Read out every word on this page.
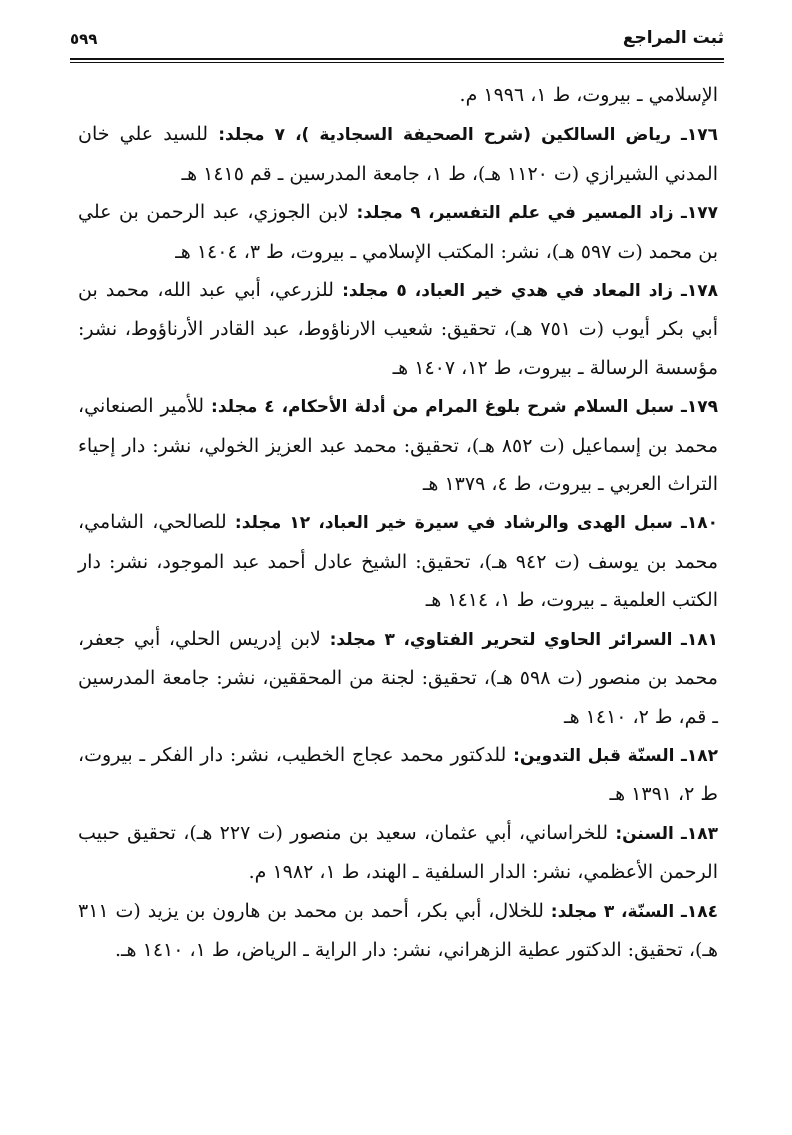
ثبت المراجع
٥٩٩

الإسلامي ـ بيروت، ط ١، ١٩٩٦ م.

١٧٦ـ رياض السالكين (شرح الصحيفة السجادية )، ٧ مجلد: للسيد علي خان المدني الشيرازي (ت ١١٢٠ هـ)، ط ١، جامعة المدرسين ـ قم ١٤١٥ هـ

١٧٧ـ زاد المسير في علم التفسير، ٩ مجلد: لابن الجوزي، عبد الرحمن بن علي بن محمد (ت ٥٩٧ هـ)، نشر: المكتب الإسلامي ـ بيروت، ط ٣، ١٤٠٤ هـ

١٧٨ـ زاد المعاد في هدي خير العباد، ٥ مجلد: للزرعي، أبي عبد الله، محمد بن أبي بكر أيوب (ت ٧٥١ هـ)، تحقيق: شعيب الارناؤوط، عبد القادر الأرناؤوط، نشر: مؤسسة الرسالة ـ بيروت، ط ١٢، ١٤٠٧ هـ

١٧٩ـ سبل السلام شرح بلوغ المرام من أدلة الأحكام، ٤ مجلد: للأمير الصنعاني، محمد بن إسماعيل (ت ٨٥٢ هـ)، تحقيق: محمد عبد العزيز الخولي، نشر: دار إحياء التراث العربي ـ بيروت، ط ٤، ١٣٧٩ هـ

١٨٠ـ سبل الهدى والرشاد في سيرة خير العباد، ١٢ مجلد: للصالحي، الشامي، محمد بن يوسف (ت ٩٤٢ هـ)، تحقيق: الشيخ عادل أحمد عبد الموجود، نشر: دار الكتب العلمية ـ بيروت، ط ١، ١٤١٤ هـ

١٨١ـ السرائر الحاوي لتحرير الفتاوي، ٣ مجلد: لابن إدريس الحلي، أبي جعفر، محمد بن منصور (ت ٥٩٨ هـ)، تحقيق: لجنة من المحققين، نشر: جامعة المدرسين ـ قم، ط ٢، ١٤١٠ هـ

١٨٢ـ السنّة قبل التدوين: للدكتور محمد عجاج الخطيب، نشر: دار الفكر ـ بيروت، ط ٢، ١٣٩١ هـ

١٨٣ـ السنن: للخراساني، أبي عثمان، سعيد بن منصور (ت ٢٢٧ هـ)، تحقيق حبيب الرحمن الأعظمي، نشر: الدار السلفية ـ الهند، ط ١، ١٩٨٢ م.

١٨٤ـ السنّة، ٣ مجلد: للخلال، أبي بكر، أحمد بن محمد بن هارون بن يزيد (ت ٣١١ هـ)، تحقيق: الدكتور عطية الزهراني، نشر: دار الراية ـ الرياض، ط ١، ١٤١٠ هـ.
